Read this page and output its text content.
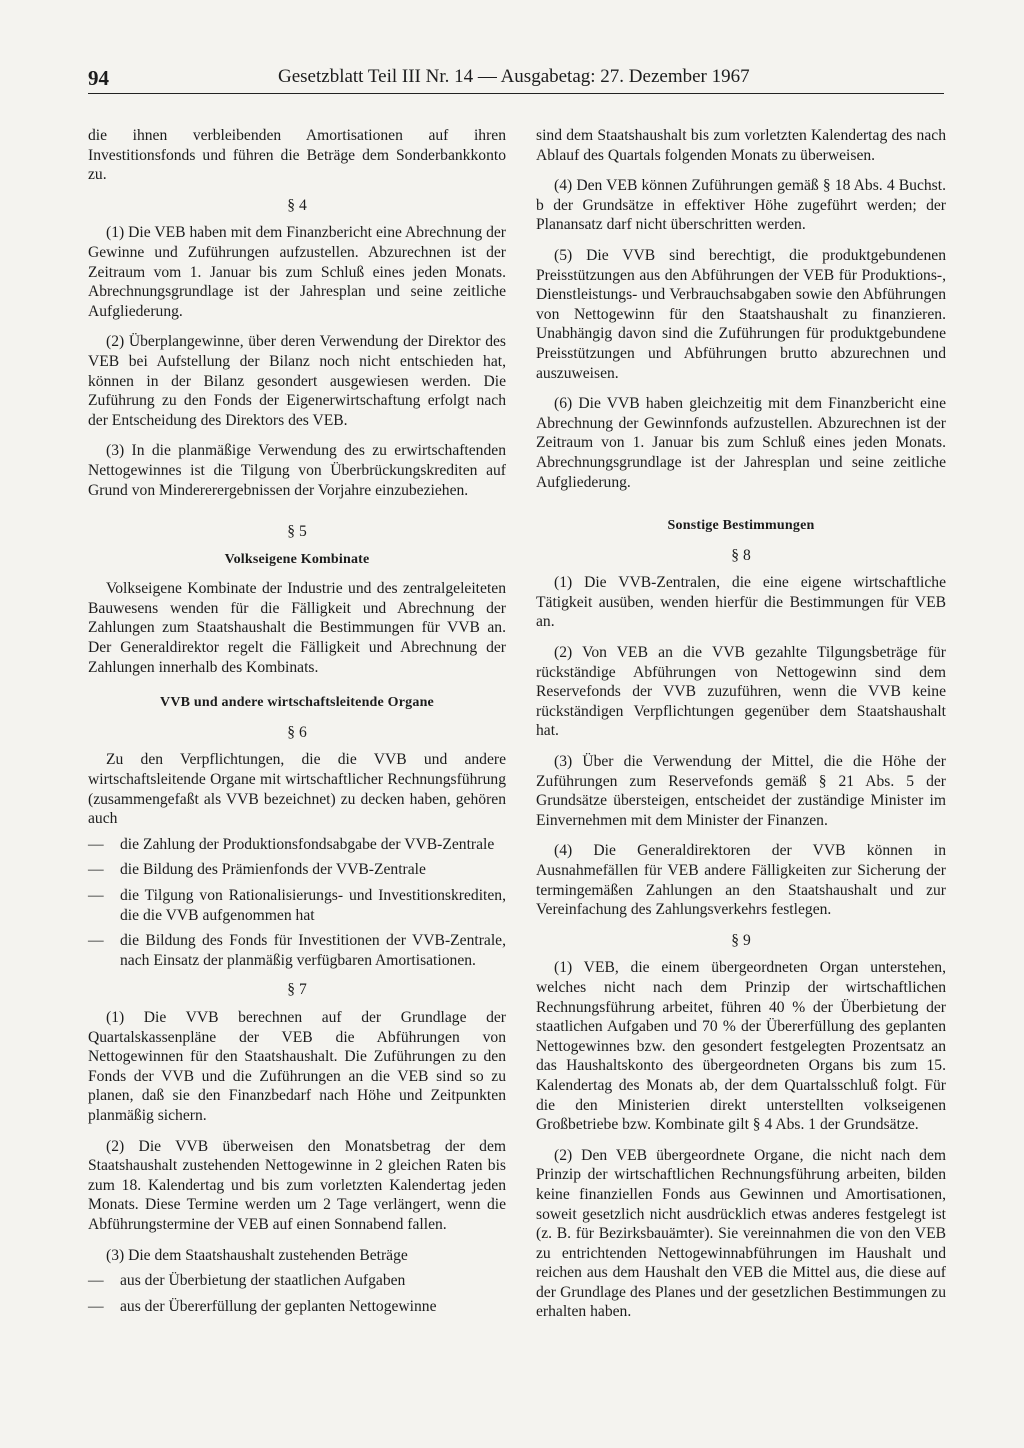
94	Gesetzblatt Teil III Nr. 14 — Ausgabetag: 27. Dezember 1967

die ihnen verbleibenden Amortisationen auf ihren Investitionsfonds und führen die Beträge dem Sonderbankkonto zu.

§ 4

(1) Die VEB haben mit dem Finanzbericht eine Abrechnung der Gewinne und Zuführungen aufzustellen. Abzurechnen ist der Zeitraum vom 1. Januar bis zum Schluß eines jeden Monats. Abrechnungsgrundlage ist der Jahresplan und seine zeitliche Aufgliederung.

(2) Überplangewinne, über deren Verwendung der Direktor des VEB bei Aufstellung der Bilanz noch nicht entschieden hat, können in der Bilanz gesondert ausgewiesen werden. Die Zuführung zu den Fonds der Eigenerwirtschaftung erfolgt nach der Entscheidung des Direktors des VEB.

(3) In die planmäßige Verwendung des zu erwirtschaftenden Nettogewinnes ist die Tilgung von Überbrückungskrediten auf Grund von Mindererergebnissen der Vorjahre einzubeziehen.

§ 5
Volkseigene Kombinate

Volkseigene Kombinate der Industrie und des zentralgeleiteten Bauwesens wenden für die Fälligkeit und Abrechnung der Zahlungen zum Staatshaushalt die Bestimmungen für VVB an. Der Generaldirektor regelt die Fälligkeit und Abrechnung der Zahlungen innerhalb des Kombinats.

VVB und andere wirtschaftsleitende Organe
§ 6

Zu den Verpflichtungen, die die VVB und andere wirtschaftsleitende Organe mit wirtschaftlicher Rechnungsführung (zusammengefaßt als VVB bezeichnet) zu decken haben, gehören auch

— die Zahlung der Produktionsfondsabgabe der VVB-Zentrale
— die Bildung des Prämienfonds der VVB-Zentrale
— die Tilgung von Rationalisierungs- und Investitionskrediten, die die VVB aufgenommen hat
— die Bildung des Fonds für Investitionen der VVB-Zentrale, nach Einsatz der planmäßig verfügbaren Amortisationen.
§ 7

(1) Die VVB berechnen auf der Grundlage der Quartalskassenpläne der VEB die Abführungen von Nettogewinnen für den Staatshaushalt. Die Zuführungen zu den Fonds der VVB und die Zuführungen an die VEB sind so zu planen, daß sie den Finanzbedarf nach Höhe und Zeitpunkten planmäßig sichern.

(2) Die VVB überweisen den Monatsbetrag der dem Staatshaushalt zustehenden Nettogewinne in 2 gleichen Raten bis zum 18. Kalendertag und bis zum vorletzten Kalendertag jeden Monats. Diese Termine werden um 2 Tage verlängert, wenn die Abführungstermine der VEB auf einen Sonnabend fallen.

(3) Die dem Staatshaushalt zustehenden Beträge

— aus der Überbietung der staatlichen Aufgaben
— aus der Übererfüllung der geplanten Nettogewinne

sind dem Staatshaushalt bis zum vorletzten Kalendertag des nach Ablauf des Quartals folgenden Monats zu überweisen.

(4) Den VEB können Zuführungen gemäß § 18 Abs. 4 Buchst. b der Grundsätze in effektiver Höhe zugeführt werden; der Planansatz darf nicht überschritten werden.

(5) Die VVB sind berechtigt, die produktgebundenen Preisstützungen aus den Abführungen der VEB für Produktions-, Dienstleistungs- und Verbrauchsabgaben sowie den Abführungen von Nettogewinn für den Staatshaushalt zu finanzieren. Unabhängig davon sind die Zuführungen für produktgebundene Preisstützungen und Abführungen brutto abzurechnen und auszuweisen.

(6) Die VVB haben gleichzeitig mit dem Finanzbericht eine Abrechnung der Gewinnfonds aufzustellen. Abzurechnen ist der Zeitraum von 1. Januar bis zum Schluß eines jeden Monats. Abrechnungsgrundlage ist der Jahresplan und seine zeitliche Aufgliederung.

Sonstige Bestimmungen
§ 8

(1) Die VVB-Zentralen, die eine eigene wirtschaftliche Tätigkeit ausüben, wenden hierfür die Bestimmungen für VEB an.

(2) Von VEB an die VVB gezahlte Tilgungsbeträge für rückständige Abführungen von Nettogewinn sind dem Reservefonds der VVB zuzuführen, wenn die VVB keine rückständigen Verpflichtungen gegenüber dem Staatshaushalt hat.

(3) Über die Verwendung der Mittel, die die Höhe der Zuführungen zum Reservefonds gemäß § 21 Abs. 5 der Grundsätze übersteigen, entscheidet der zuständige Minister im Einvernehmen mit dem Minister der Finanzen.

(4) Die Generaldirektoren der VVB können in Ausnahmefällen für VEB andere Fälligkeiten zur Sicherung der termingemäßen Zahlungen an den Staatshaushalt und zur Vereinfachung des Zahlungsverkehrs festlegen.

§ 9

(1) VEB, die einem übergeordneten Organ unterstehen, welches nicht nach dem Prinzip der wirtschaftlichen Rechnungsführung arbeitet, führen 40 % der Überbietung der staatlichen Aufgaben und 70 % der Übererfüllung des geplanten Nettogewinnes bzw. den gesondert festgelegten Prozentsatz an das Haushaltskonto des übergeordneten Organs bis zum 15. Kalendertag des Monats ab, der dem Quartalsschluß folgt. Für die den Ministerien direkt unterstellten volkseigenen Großbetriebe bzw. Kombinate gilt § 4 Abs. 1 der Grundsätze.

(2) Den VEB übergeordnete Organe, die nicht nach dem Prinzip der wirtschaftlichen Rechnungsführung arbeiten, bilden keine finanziellen Fonds aus Gewinnen und Amortisationen, soweit gesetzlich nicht ausdrücklich etwas anderes festgelegt ist (z. B. für Bezirksbauämter). Sie vereinnahmen die von den VEB zu entrichtenden Nettogewinnabführungen im Haushalt und reichen aus dem Haushalt den VEB die Mittel aus, die diese auf der Grundlage des Planes und der gesetzlichen Bestimmungen zu erhalten haben.
